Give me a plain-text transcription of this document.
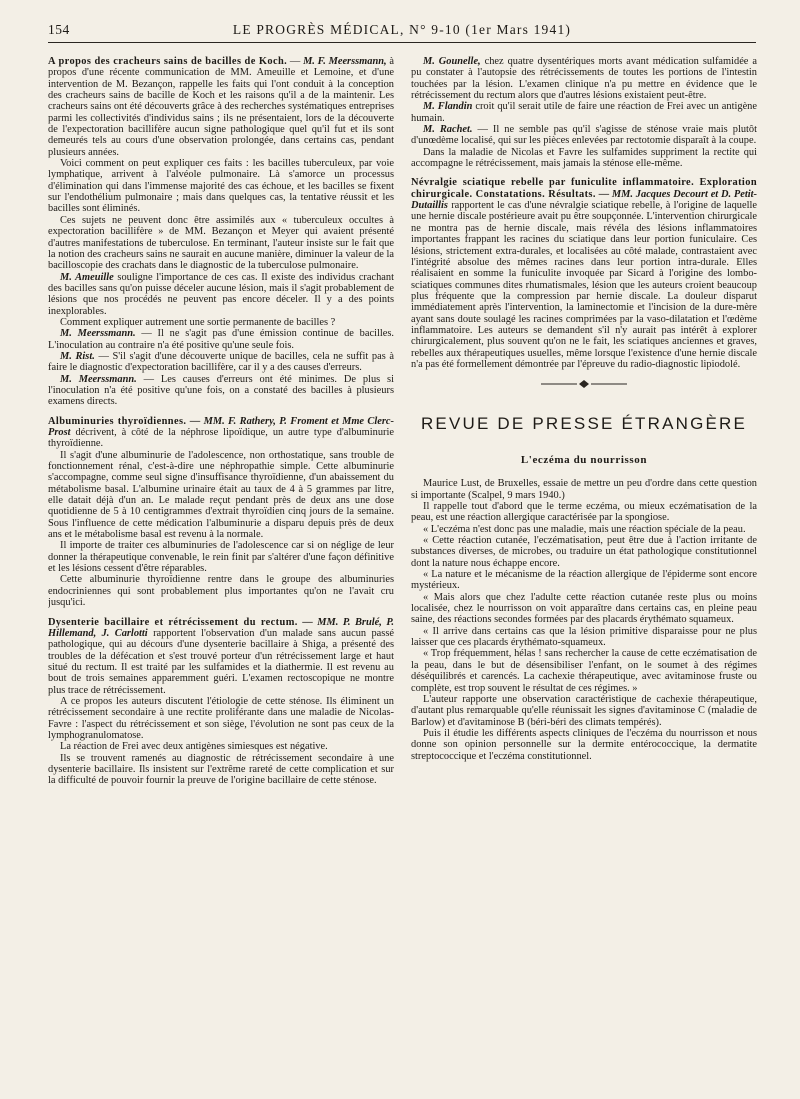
154	LE PROGRÈS MÉDICAL, N° 9-10 (1er Mars 1941)

A propos des cracheurs sains de bacilles de Koch. — M. F. Meerssmann, à propos d'une récente communication de MM. Ameuille et Lemoine, et d'une intervention de M. Bezançon, rappelle les faits qui l'ont conduit à la conception des cracheurs sains de bacille de Koch et les raisons qu'il a de la maintenir. Les cracheurs sains ont été découverts grâce à des recherches systématiques entreprises parmi les collectivités d'individus sains ; ils ne présentaient, lors de la découverte de l'expectoration bacillifère aucun signe pathologique quel qu'il fut et ils sont demeurés tels au cours d'une observation prolongée, dans certains cas, pendant plusieurs années.

Voici comment on peut expliquer ces faits : les bacilles tuberculeux, par voie lymphatique, arrivent à l'alvéole pulmonaire. Là s'amorce un processus d'élimination qui dans l'immense majorité des cas échoue, et les bacilles se fixent sur l'endothélium pulmonaire ; mais dans quelques cas, la tentative réussit et les bacilles sont éliminés.

Ces sujets ne peuvent donc être assimilés aux « tuberculeux occultes à expectoration bacillifère » de MM. Bezançon et Meyer qui avaient présenté d'autres manifestations de tuberculose. En terminant, l'auteur insiste sur le fait que la notion des cracheurs sains ne saurait en aucune manière, diminuer la valeur de la bacilloscopie des crachats dans le diagnostic de la tuberculose pulmonaire.

M. Ameuille souligne l'importance de ces cas. Il existe des individus crachant des bacilles sans qu'on puisse déceler aucune lésion, mais il s'agit probablement de lésions que nos procédés ne peuvent pas encore déceler. Il y a des points inexplorables.

Comment expliquer autrement une sortie permanente de bacilles ?

M. Meerssmann. — Il ne s'agit pas d'une émission continue de bacilles. L'inoculation au contraire n'a été positive qu'une seule fois.

M. Rist. — S'il s'agit d'une découverte unique de bacilles, cela ne suffit pas à faire le diagnostic d'expectoration bacillifère, car il y a des causes d'erreurs.

M. Meerssmann. — Les causes d'erreurs ont été minimes. De plus si l'inoculation n'a été positive qu'une fois, on a constaté des bacilles à plusieurs examens directs.

Albuminuries thyroïdiennes. — MM. F. Rathery, P. Froment et Mme Clerc-Prost décrivent, à côté de la néphrose lipoïdique, un autre type d'albuminurie thyroïdienne.

Il s'agit d'une albuminurie de l'adolescence, non orthostatique, sans trouble de fonctionnement rénal, c'est-à-dire une néphropathie simple. Cette albuminurie s'accompagne, comme seul signe d'insuffisance thyroïdienne, d'un abaissement du métabolisme basal. L'albumine urinaire était au taux de 4 à 5 grammes par litre, elle datait déjà d'un an. Le malade reçut pendant près de deux ans une dose quotidienne de 5 à 10 centigrammes d'extrait thyroïdien cinq jours de la semaine. Sous l'influence de cette médication l'albuminurie a disparu depuis près de deux ans et le métabolisme basal est revenu à la normale.

Il importe de traiter ces albuminuries de l'adolescence car si on néglige de leur donner la thérapeutique convenable, le rein finit par s'altérer d'une façon définitive et les lésions cessent d'être réparables.

Cette albuminurie thyroïdienne rentre dans le groupe des albuminuries endocriniennes qui sont probablement plus importantes qu'on ne l'avait cru jusqu'ici.

Dysenterie bacillaire et rétrécissement du rectum. — MM. P. Brulé, P. Hillemand, J. Carlotti rapportent l'observation d'un malade sans aucun passé pathologique, qui au décours d'une dysenterie bacillaire à Shiga, a présenté des troubles de la défécation et s'est trouvé porteur d'un rétrécissement large et haut situé du rectum. Il est traité par les sulfamides et la diathermie. Il est revenu au bout de trois semaines apparemment guéri. L'examen rectoscopique ne montre plus trace de rétrécissement.

A ce propos les auteurs discutent l'étiologie de cette sténose. Ils éliminent un rétrécissement secondaire à une rectite proliférante dans une maladie de Nicolas-Favre : l'aspect du rétrécissement et son siège, l'évolution ne sont pas ceux de la lymphogranulomatose.

La réaction de Frei avec deux antigènes simiesques est négative.

Ils se trouvent ramenés au diagnostic de rétrécissement secondaire à une dysenterie bacillaire. Ils insistent sur l'extrême rareté de cette complication et sur la difficulté de pouvoir fournir la preuve de l'origine bacillaire de cette sténose.

M. Gounelle, chez quatre dysentériques morts avant médication sulfamidée a pu constater à l'autopsie des rétrécissements de toutes les portions de l'intestin touchées par la lésion. L'examen clinique n'a pu mettre en évidence que le rétrécissement du rectum alors que d'autres lésions existaient peut-être.

M. Flandin croit qu'il serait utile de faire une réaction de Frei avec un antigène humain.

M. Rachet. — Il ne semble pas qu'il s'agisse de sténose vraie mais plutôt d'unœdème localisé, qui sur les pièces enlevées par rectotomie disparaît à la coupe.

Dans la maladie de Nicolas et Favre les sulfamides suppriment la rectite qui accompagne le rétrécissement, mais jamais la sténose elle-même.

Névralgie sciatique rebelle par funiculite inflammatoire. Exploration chirurgicale. Constatations. Résultats. — MM. Jacques Decourt et D. Petit-Dutaillis rapportent le cas d'une névralgie sciatique rebelle, à l'origine de laquelle une hernie discale postérieure avait pu être soupçonnée. L'intervention chirurgicale ne montra pas de hernie discale, mais révéla des lésions inflammatoires importantes frappant les racines du sciatique dans leur portion funiculaire. Ces lésions, strictement extra-durales, et localisées au côté malade, contrastaient avec l'intégrité absolue des mêmes racines dans leur portion intra-durale. Elles réalisaient en somme la funiculite invoquée par Sicard à l'origine des lombo-sciatiques communes dites rhumatismales, lésion que les auteurs croient beaucoup plus fréquente que la compression par hernie discale. La douleur disparut immédiatement après l'intervention, la laminectomie et l'incision de la dure-mère ayant sans doute soulagé les racines comprimées par la vaso-dilatation et l'œdème inflammatoire. Les auteurs se demandent s'il n'y aurait pas intérêt à explorer chirurgicalement, plus souvent qu'on ne le fait, les sciatiques anciennes et graves, rebelles aux thérapeutiques usuelles, même lorsque l'existence d'une hernie discale n'a pas été formellement démontrée par l'épreuve du radio-diagnostic lipiodolé.

REVUE DE PRESSE ÉTRANGÈRE
L'eczéma du nourrisson

Maurice Lust, de Bruxelles, essaie de mettre un peu d'ordre dans cette question si importante (Scalpel, 9 mars 1940.)

Il rappelle tout d'abord que le terme eczéma, ou mieux eczématisation de la peau, est une réaction allergique caractérisée par la spongiose.

« L'eczéma n'est donc pas une maladie, mais une réaction spéciale de la peau.

« Cette réaction cutanée, l'eczématisation, peut être due à l'action irritante de substances diverses, de microbes, ou traduire un état pathologique constitutionnel dont la nature nous échappe encore.

« La nature et le mécanisme de la réaction allergique de l'épiderme sont encore mystérieux.

« Mais alors que chez l'adulte cette réaction cutanée reste plus ou moins localisée, chez le nourrisson on voit apparaître dans certains cas, en pleine peau saine, des réactions secondes formées par des placards érythémato squameux.

« Il arrive dans certains cas que la lésion primitive disparaisse pour ne plus laisser que ces placards érythémato-squameux.

« Trop fréquemment, hélas ! sans rechercher la cause de cette eczématisation de la peau, dans le but de désensibiliser l'enfant, on le soumet à des régimes déséquilibrés et carencés. La cachexie thérapeutique, avec avitaminose fruste ou complète, est trop souvent le résultat de ces régimes. »

L'auteur rapporte une observation caractéristique de cachexie thérapeutique, d'autant plus remarquable qu'elle réunissait les signes d'avitaminose C (maladie de Barlow) et d'avitaminose B (béri-béri des climats tempérés).

Puis il étudie les différents aspects cliniques de l'eczéma du nourrisson et nous donne son opinion personnelle sur la dermite entérococcique, la dermatite streptococcique et l'eczéma constitutionnel.
